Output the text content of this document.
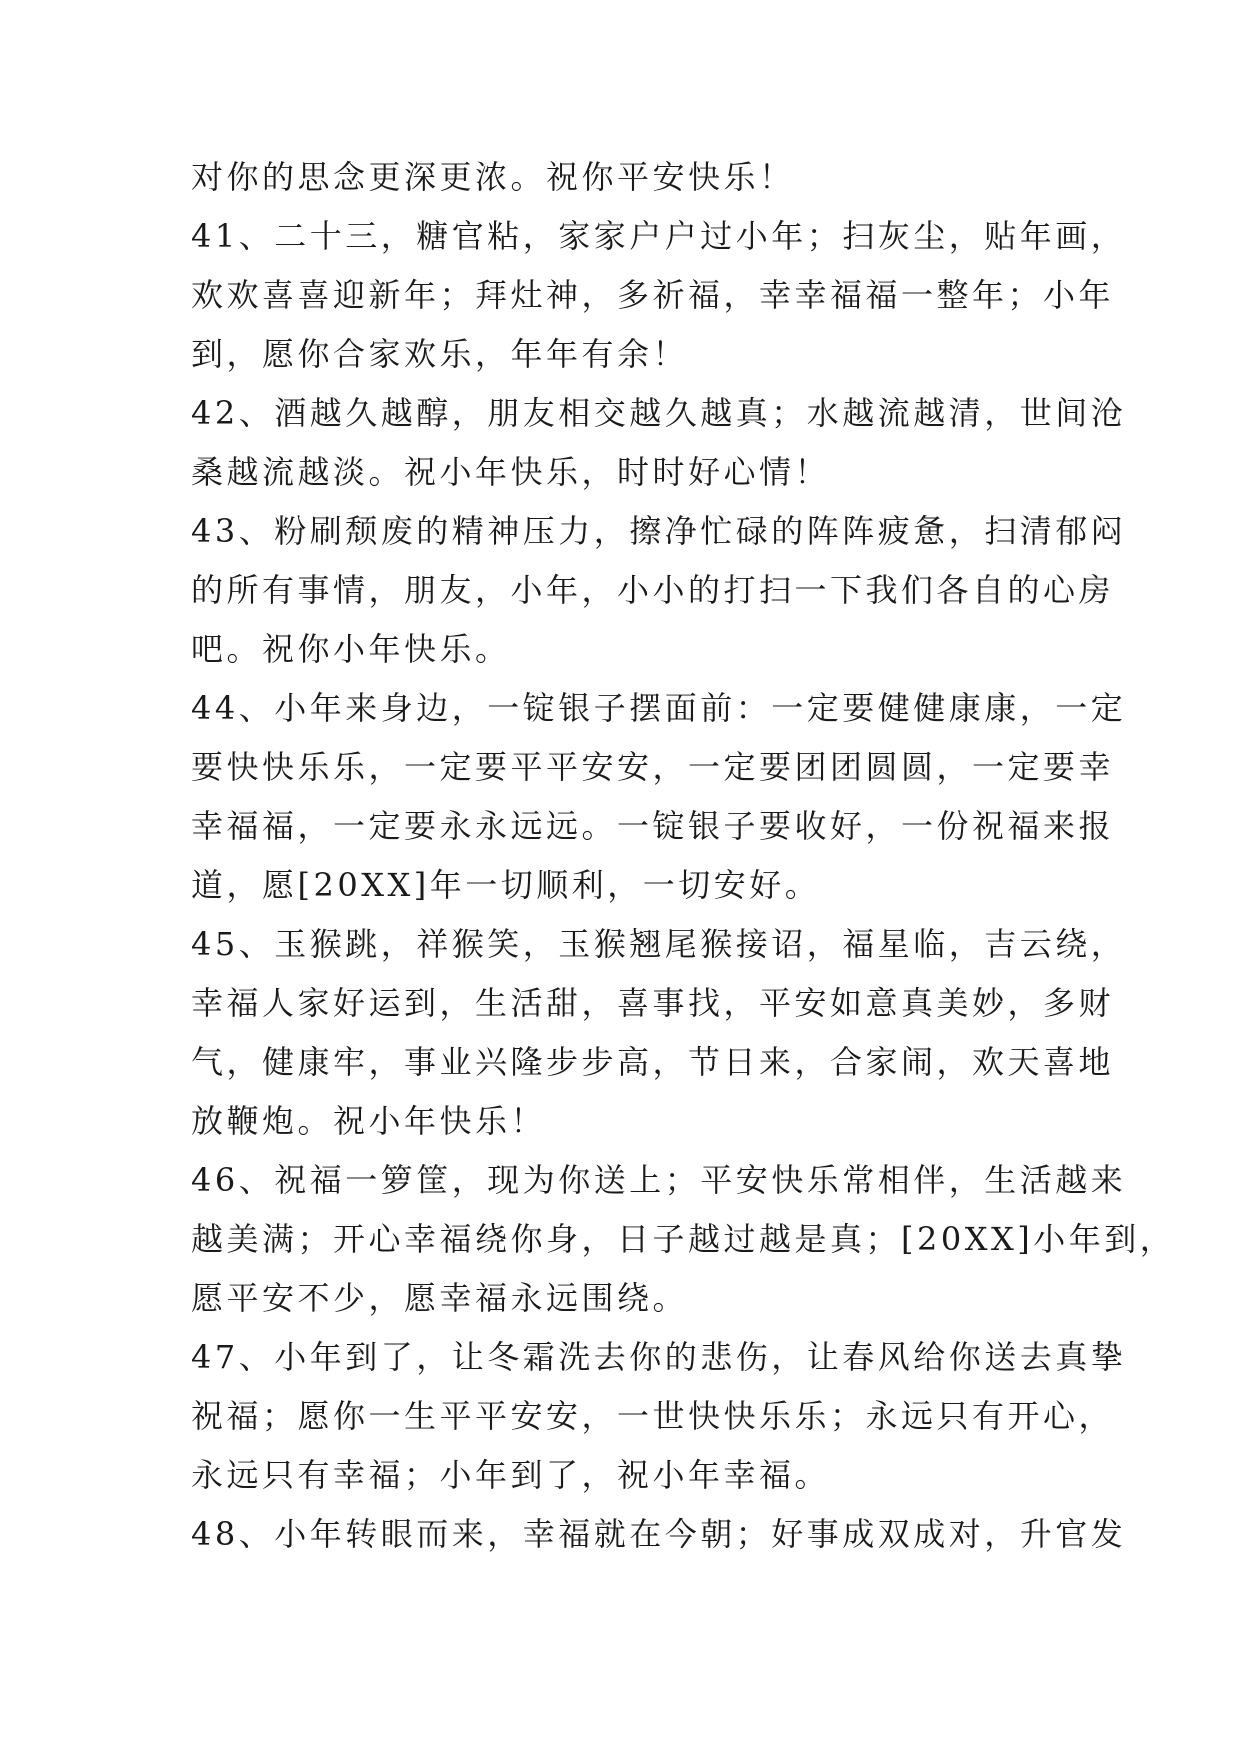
对你的思念更深更浓。祝你平安快乐！
41、二十三，糖官粘，家家户户过小年；扫灰尘，贴年画，
欢欢喜喜迎新年；拜灶神，多祈福，幸幸福福一整年；小年
到，愿你合家欢乐，年年有余！
42、酒越久越醇，朋友相交越久越真；水越流越清，世间沧
桑越流越淡。祝小年快乐，时时好心情！
43、粉刷颓废的精神压力，擦净忙碌的阵阵疲惫，扫清郁闷
的所有事情，朋友，小年，小小的打扫一下我们各自的心房
吧。祝你小年快乐。
44、小年来身边，一锭银子摆面前：一定要健健康康，一定
要快快乐乐，一定要平平安安，一定要团团圆圆，一定要幸
幸福福，一定要永永远远。一锭银子要收好，一份祝福来报
道，愿[20XX]年一切顺利，一切安好。
45、玉猴跳，祥猴笑，玉猴翘尾猴接诏，福星临，吉云绕，
幸福人家好运到，生活甜，喜事找，平安如意真美妙，多财
气，健康牢，事业兴隆步步高，节日来，合家闹，欢天喜地
放鞭炮。祝小年快乐！
46、祝福一箩筐，现为你送上；平安快乐常相伴，生活越来
越美满；开心幸福绕你身，日子越过越是真；[20XX]小年到，
愿平安不少，愿幸福永远围绕。
47、小年到了，让冬霜洗去你的悲伤，让春风给你送去真挚
祝福；愿你一生平平安安，一世快快乐乐；永远只有开心，
永远只有幸福；小年到了，祝小年幸福。
48、小年转眼而来，幸福就在今朝；好事成双成对，升官发
